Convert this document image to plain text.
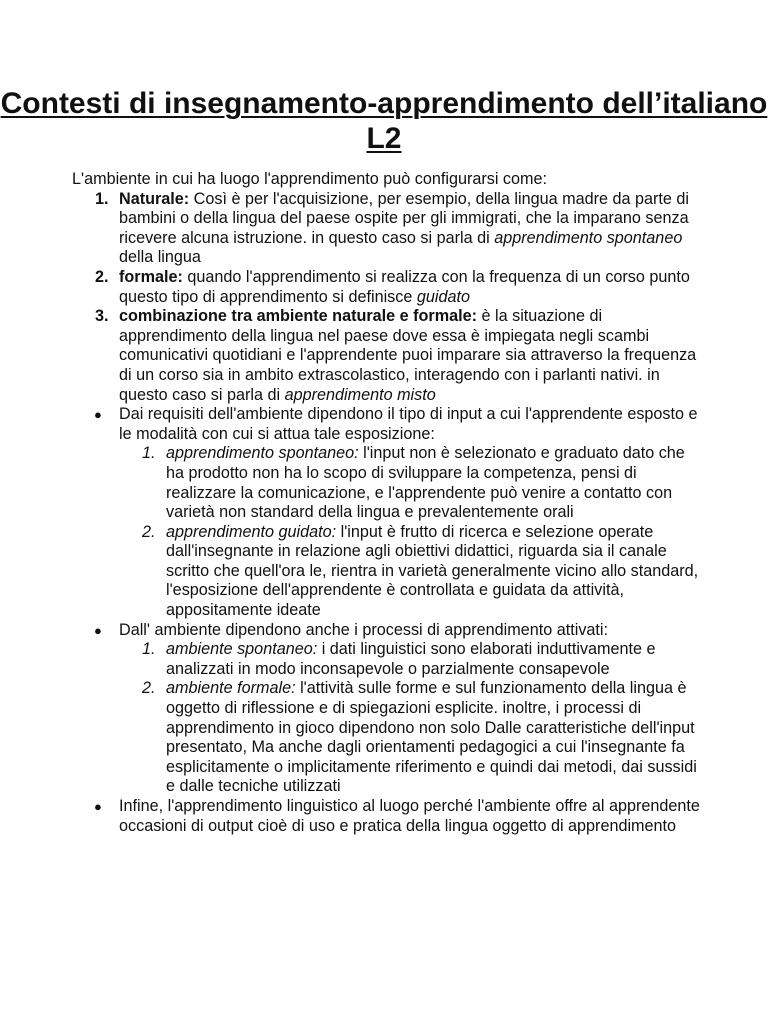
Contesti di insegnamento-apprendimento dell’italiano L2

L'ambiente in cui ha luogo l'apprendimento può configurarsi come:

1. Naturale: Così è per l'acquisizione, per esempio, della lingua madre da parte di bambini o della lingua del paese ospite per gli immigrati, che la imparano senza ricevere alcuna istruzione. in questo caso si parla di apprendimento spontaneo della lingua
2. formale: quando l'apprendimento si realizza con la frequenza di un corso punto questo tipo di apprendimento si definisce guidato
3. combinazione tra ambiente naturale e formale: è la situazione di apprendimento della lingua nel paese dove essa è impiegata negli scambi comunicativi quotidiani e l'apprendente puoi imparare sia attraverso la frequenza di un corso sia in ambito extrascolastico, interagendo con i parlanti nativi. in questo caso si parla di apprendimento misto
● Dai requisiti dell'ambiente dipendono il tipo di input a cui l'apprendente esposto e le modalità con cui si attua tale esposizione:
1. apprendimento spontaneo: l'input non è selezionato e graduato dato che ha prodotto non ha lo scopo di sviluppare la competenza, pensi di realizzare la comunicazione, e l'apprendente può venire a contatto con varietà non standard della lingua e prevalentemente orali
2. apprendimento guidato: l'input è frutto di ricerca e selezione operate dall'insegnante in relazione agli obiettivi didattici, riguarda sia il canale scritto che quell'ora le, rientra in varietà generalmente vicino allo standard, l'esposizione dell'apprendente è controllata e guidata da attività, appositamente ideate
● Dall' ambiente dipendono anche i processi di apprendimento attivati:
1. ambiente spontaneo: i dati linguistici sono elaborati induttivamente e analizzati in modo inconsapevole o parzialmente consapevole
2. ambiente formale: l'attività sulle forme e sul funzionamento della lingua è oggetto di riflessione e di spiegazioni esplicite. inoltre, i processi di apprendimento in gioco dipendono non solo Dalle caratteristiche dell'input presentato, Ma anche dagli orientamenti pedagogici a cui l'insegnante fa esplicitamente o implicitamente riferimento e quindi dai metodi, dai sussidi e dalle tecniche utilizzati
● Infine, l'apprendimento linguistico al luogo perché l'ambiente offre al apprendente occasioni di output cioè di uso e pratica della lingua oggetto di apprendimento
